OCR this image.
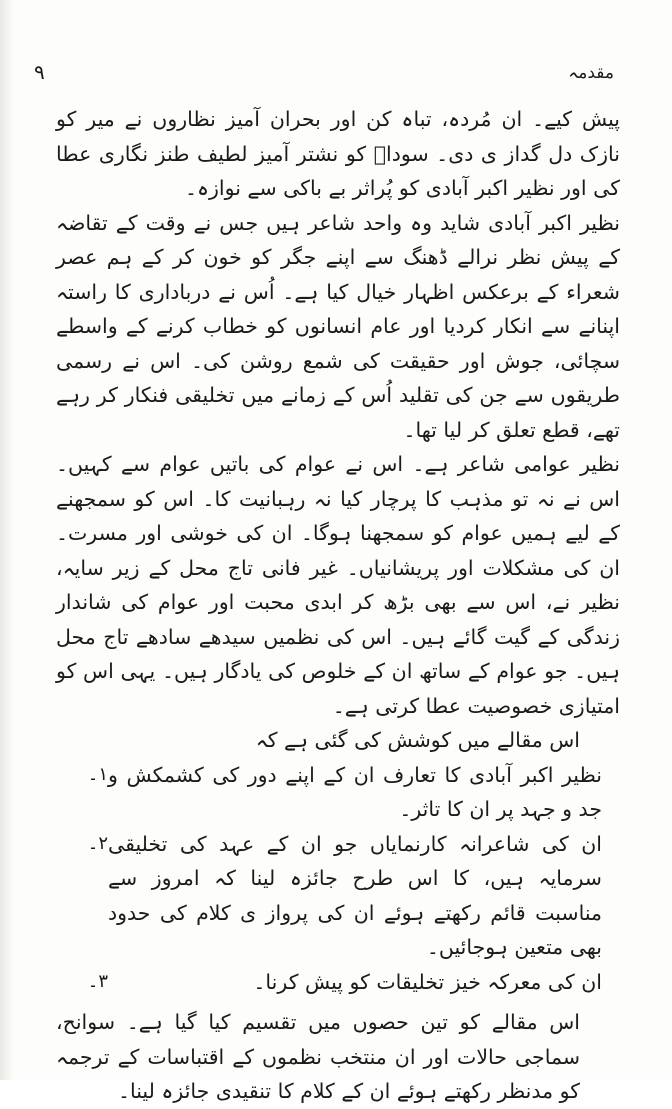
۹	مقدمہ

پیش کیے۔ ان مُردہ، تباہ کن اور بحران آمیز نظاروں نے میر کو نازک دل گداز ی دی۔ سوداؔ کو نشتر آمیز لطیف طنز نگاری عطا کی اور نظیر اکبر آبادی کو پُراثر بے باکی سے نوازہ۔

نظیر اکبر آبادی شاید وہ واحد شاعر ہیں جس نے وقت کے تقاضہ کے پیش نظر نرالے ڈھنگ سے اپنے جگر کو خون کر کے ہم عصر شعراء کے برعکس اظہار خیال کیا ہے۔ اُس نے درباداری کا راستہ اپنانے سے انکار کردیا اور عام انسانوں کو خطاب کرنے کے واسطے سچائی، جوش اور حقیقت کی شمع روشن کی۔ اس نے رسمی طریقوں سے جن کی تقلید اُس کے زمانے میں تخلیقی فنکار کر رہے تھے، قطع تعلق کر لیا تھا۔

نظیر عوامی شاعر ہے۔ اس نے عوام کی باتیں عوام سے کہیں۔ اس نے نہ تو مذہب کا پرچار کیا نہ رہبانیت کا۔ اس کو سمجھنے کے لیے ہمیں عوام کو سمجھنا ہوگا۔ ان کی خوشی اور مسرت۔ ان کی مشکلات اور پریشانیاں۔ غیر فانی تاج محل کے زیر سایہ، نظیر نے، اس سے بھی بڑھ کر ابدی محبت اور عوام کی شاندار زندگی کے گیت گائے ہیں۔ اس کی نظمیں سیدھے سادھے تاج محل ہیں۔ جو عوام کے ساتھ ان کے خلوص کی یادگار ہیں۔ یہی اس کو امتیازی خصوصیت عطا کرتی ہے۔

اس مقالے میں کوشش کی گئی ہے کہ

نظیر اکبر آبادی کا تعارف ان کے اپنے دور کی کشمکش و جد و جہد پر ان کا تاثر۔
۱۔
ان کی شاعرانہ کارنمایاں جو ان کے عہد کی تخلیقی سرمایہ ہیں، کا اس طرح جائزہ لینا کہ امروز سے مناسبت قائم رکھتے ہوئے ان کی پرواز ی کلام کی حدود بھی متعین ہوجائیں۔
۲۔
ان کی معرکہ خیز تخلیقات کو پیش کرنا۔
۳۔

اس مقالے کو تین حصوں میں تقسیم کیا گیا ہے۔ سوانح، سماجی حالات اور ان منتخب نظموں کے اقتباسات کے ترجمہ کو مدنظر رکھتے ہوئے ان کے کلام کا تنقیدی جائزہ لینا۔
